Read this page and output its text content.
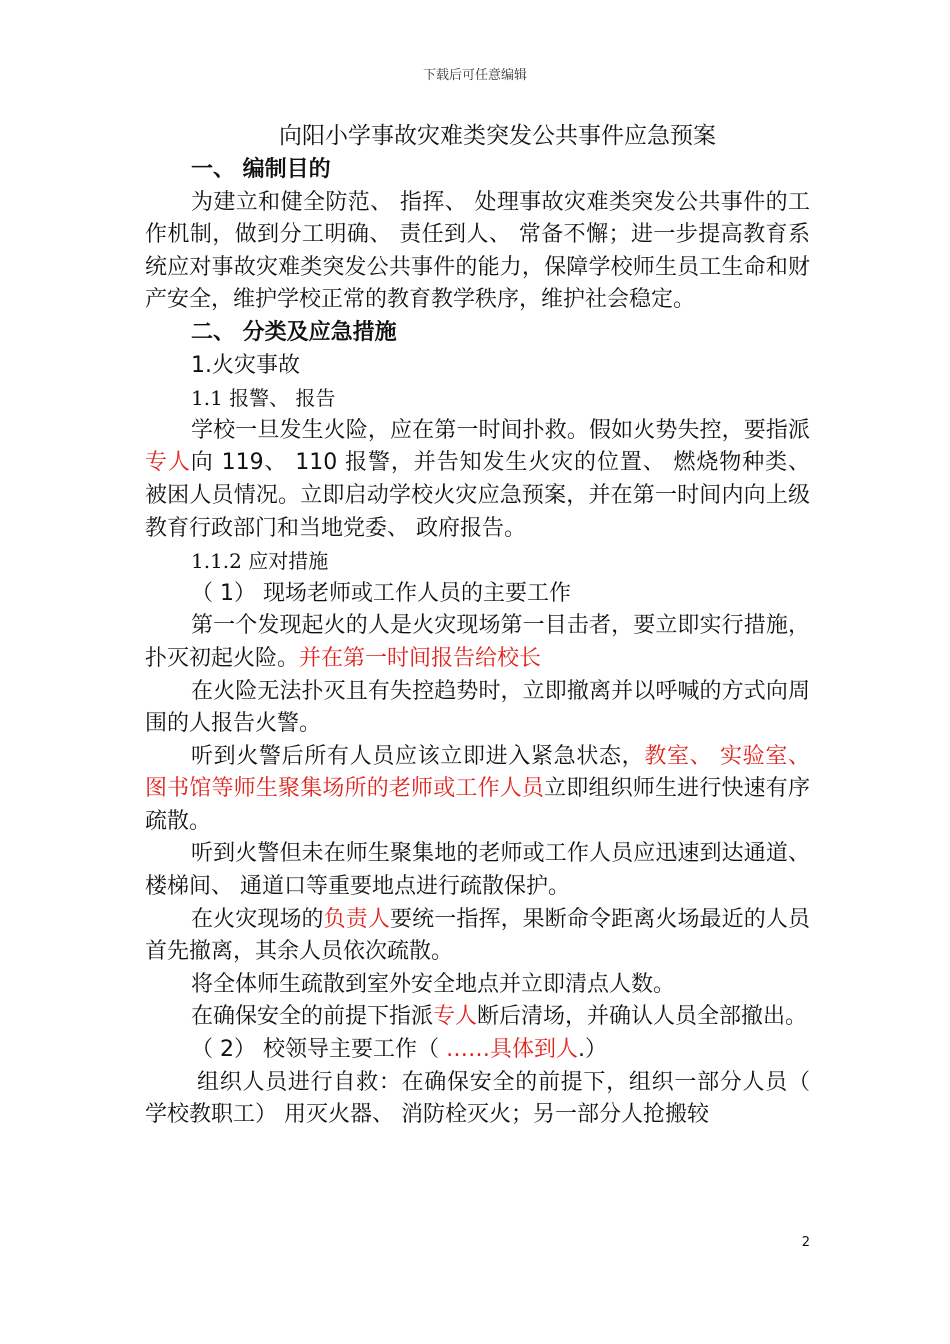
下载后可任意编辑
向阳小学事故灾难类突发公共事件应急预案

一、 编制目的

为建立和健全防范、 指挥、 处理事故灾难类突发公共事件的工作机制，做到分工明确、 责任到人、 常备不懈；进一步提高教育系统应对事故灾难类突发公共事件的能力，保障学校师生员工生命和财产安全，维护学校正常的教育教学秩序，维护社会稳定。

二、 分类及应急措施

1.火灾事故

1.1 报警、 报告

学校一旦发生火险，应在第一时间扑救。假如火势失控，要指派专人向 119、 110 报警，并告知发生火灾的位置、 燃烧物种类、 被困人员情况。立即启动学校火灾应急预案，并在第一时间内向上级教育行政部门和当地党委、 政府报告。

1.1.2 应对措施

（ 1） 现场老师或工作人员的主要工作

第一个发现起火的人是火灾现场第一目击者，要立即实行措施，扑灭初起火险。并在第一时间报告给校长

在火险无法扑灭且有失控趋势时，立即撤离并以呼喊的方式向周围的人报告火警。

听到火警后所有人员应该立即进入紧急状态，教室、 实验室、 图书馆等师生聚集场所的老师或工作人员立即组织师生进行快速有序疏散。

听到火警但未在师生聚集地的老师或工作人员应迅速到达通道、 楼梯间、 通道口等重要地点进行疏散保护。

在火灾现场的负责人要统一指挥，果断命令距离火场最近的人员首先撤离，其余人员依次疏散。

将全体师生疏散到室外安全地点并立即清点人数。

在确保安全的前提下指派专人断后清场，并确认人员全部撤出。

（ 2） 校领导主要工作（ ……具体到人.）

组织人员进行自救：在确保安全的前提下，组织一部分人员（ 学校教职工） 用灭火器、 消防栓灭火；另一部分人抢搬较

2
